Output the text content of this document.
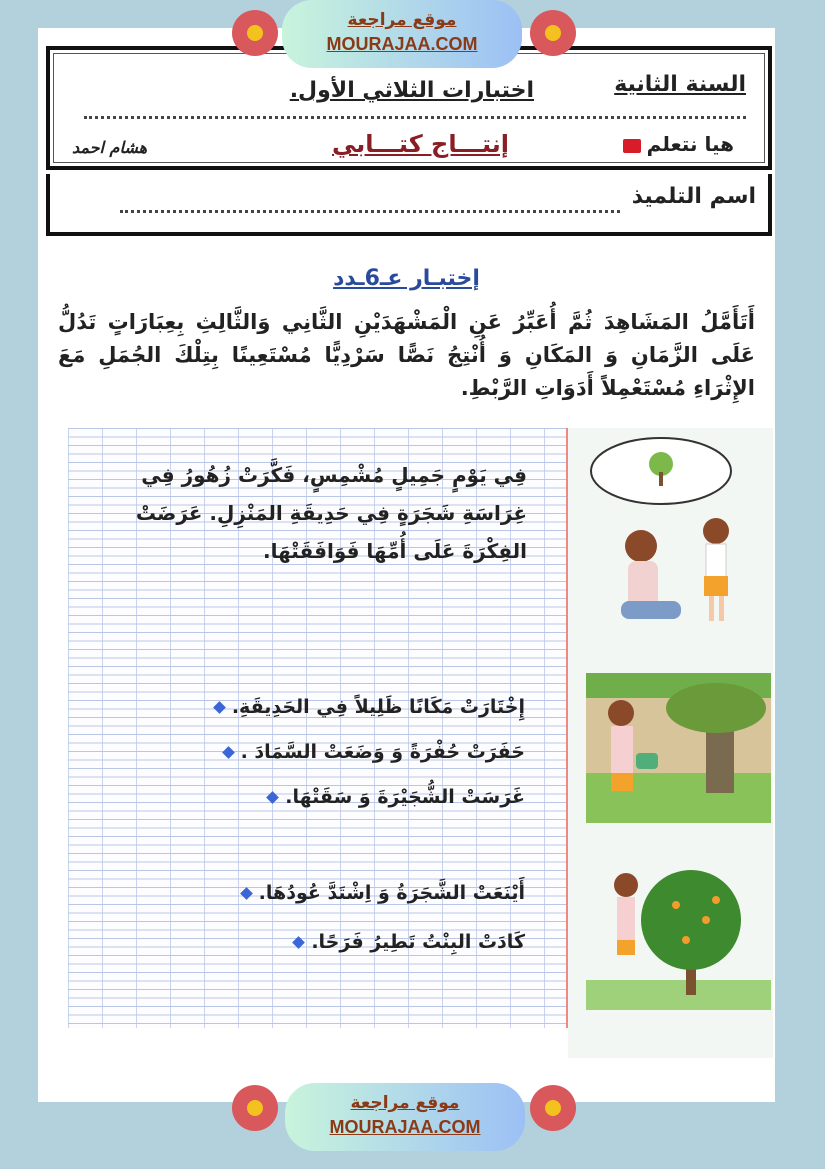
السنة الثانية
اختبارات الثلاثي الأول.
هيا نتعلم
إنتـــاج كتـــابي
هشام احمد
اسم التلميذ
إختبـار عـ6ـدد
أَتَأَمَّلُ المَشَاهِدَ ثُمَّ أُعَبِّرُ عَنِ الْمَشْهَدَيْنِ الثَّانِي وَالثَّالِثِ بِعِبَارَاتٍ تَدُلُّ عَلَى الزَّمَانِ وَ المَكَانِ وَ أُنْتِجُ نَصًّا سَرْدِيًّا مُسْتَعِينًا بِتِلْكَ الجُمَلِ مَعَ الإِثْرَاءِ مُسْتَعْمِلاً أَدَوَاتِ الرَّبْطِ.
فِي يَوْمٍ جَمِيلٍ مُشْمِسٍ، فَكَّرَتْ زُهُورُ فِي غِرَاسَةِ شَجَرَةٍ فِي حَدِيقَةِ المَنْزِلِ. عَرَضَتْ الفِكْرَةَ عَلَى أُمِّهَا فَوَافَقَتْهَا.
إِخْتَارَتْ مَكَانًا ظَلِيلاً فِي الحَدِيقَةِ.
حَفَرَتْ حُفْرَةً وَ وَضَعَتْ السَّمَادَ .
غَرَسَتْ الشُّجَيْرَةَ وَ سَقَتْهَا.
أَيْنَعَتْ الشَّجَرَةُ وَ اِشْتَدَّ عُودُهَا.
كَادَتْ البِنْتُ تَطِيرُ فَرَحًا.
موقع مراجعة
MOURAJAA.COM
موقع مراجعة
MOURAJAA.COM
